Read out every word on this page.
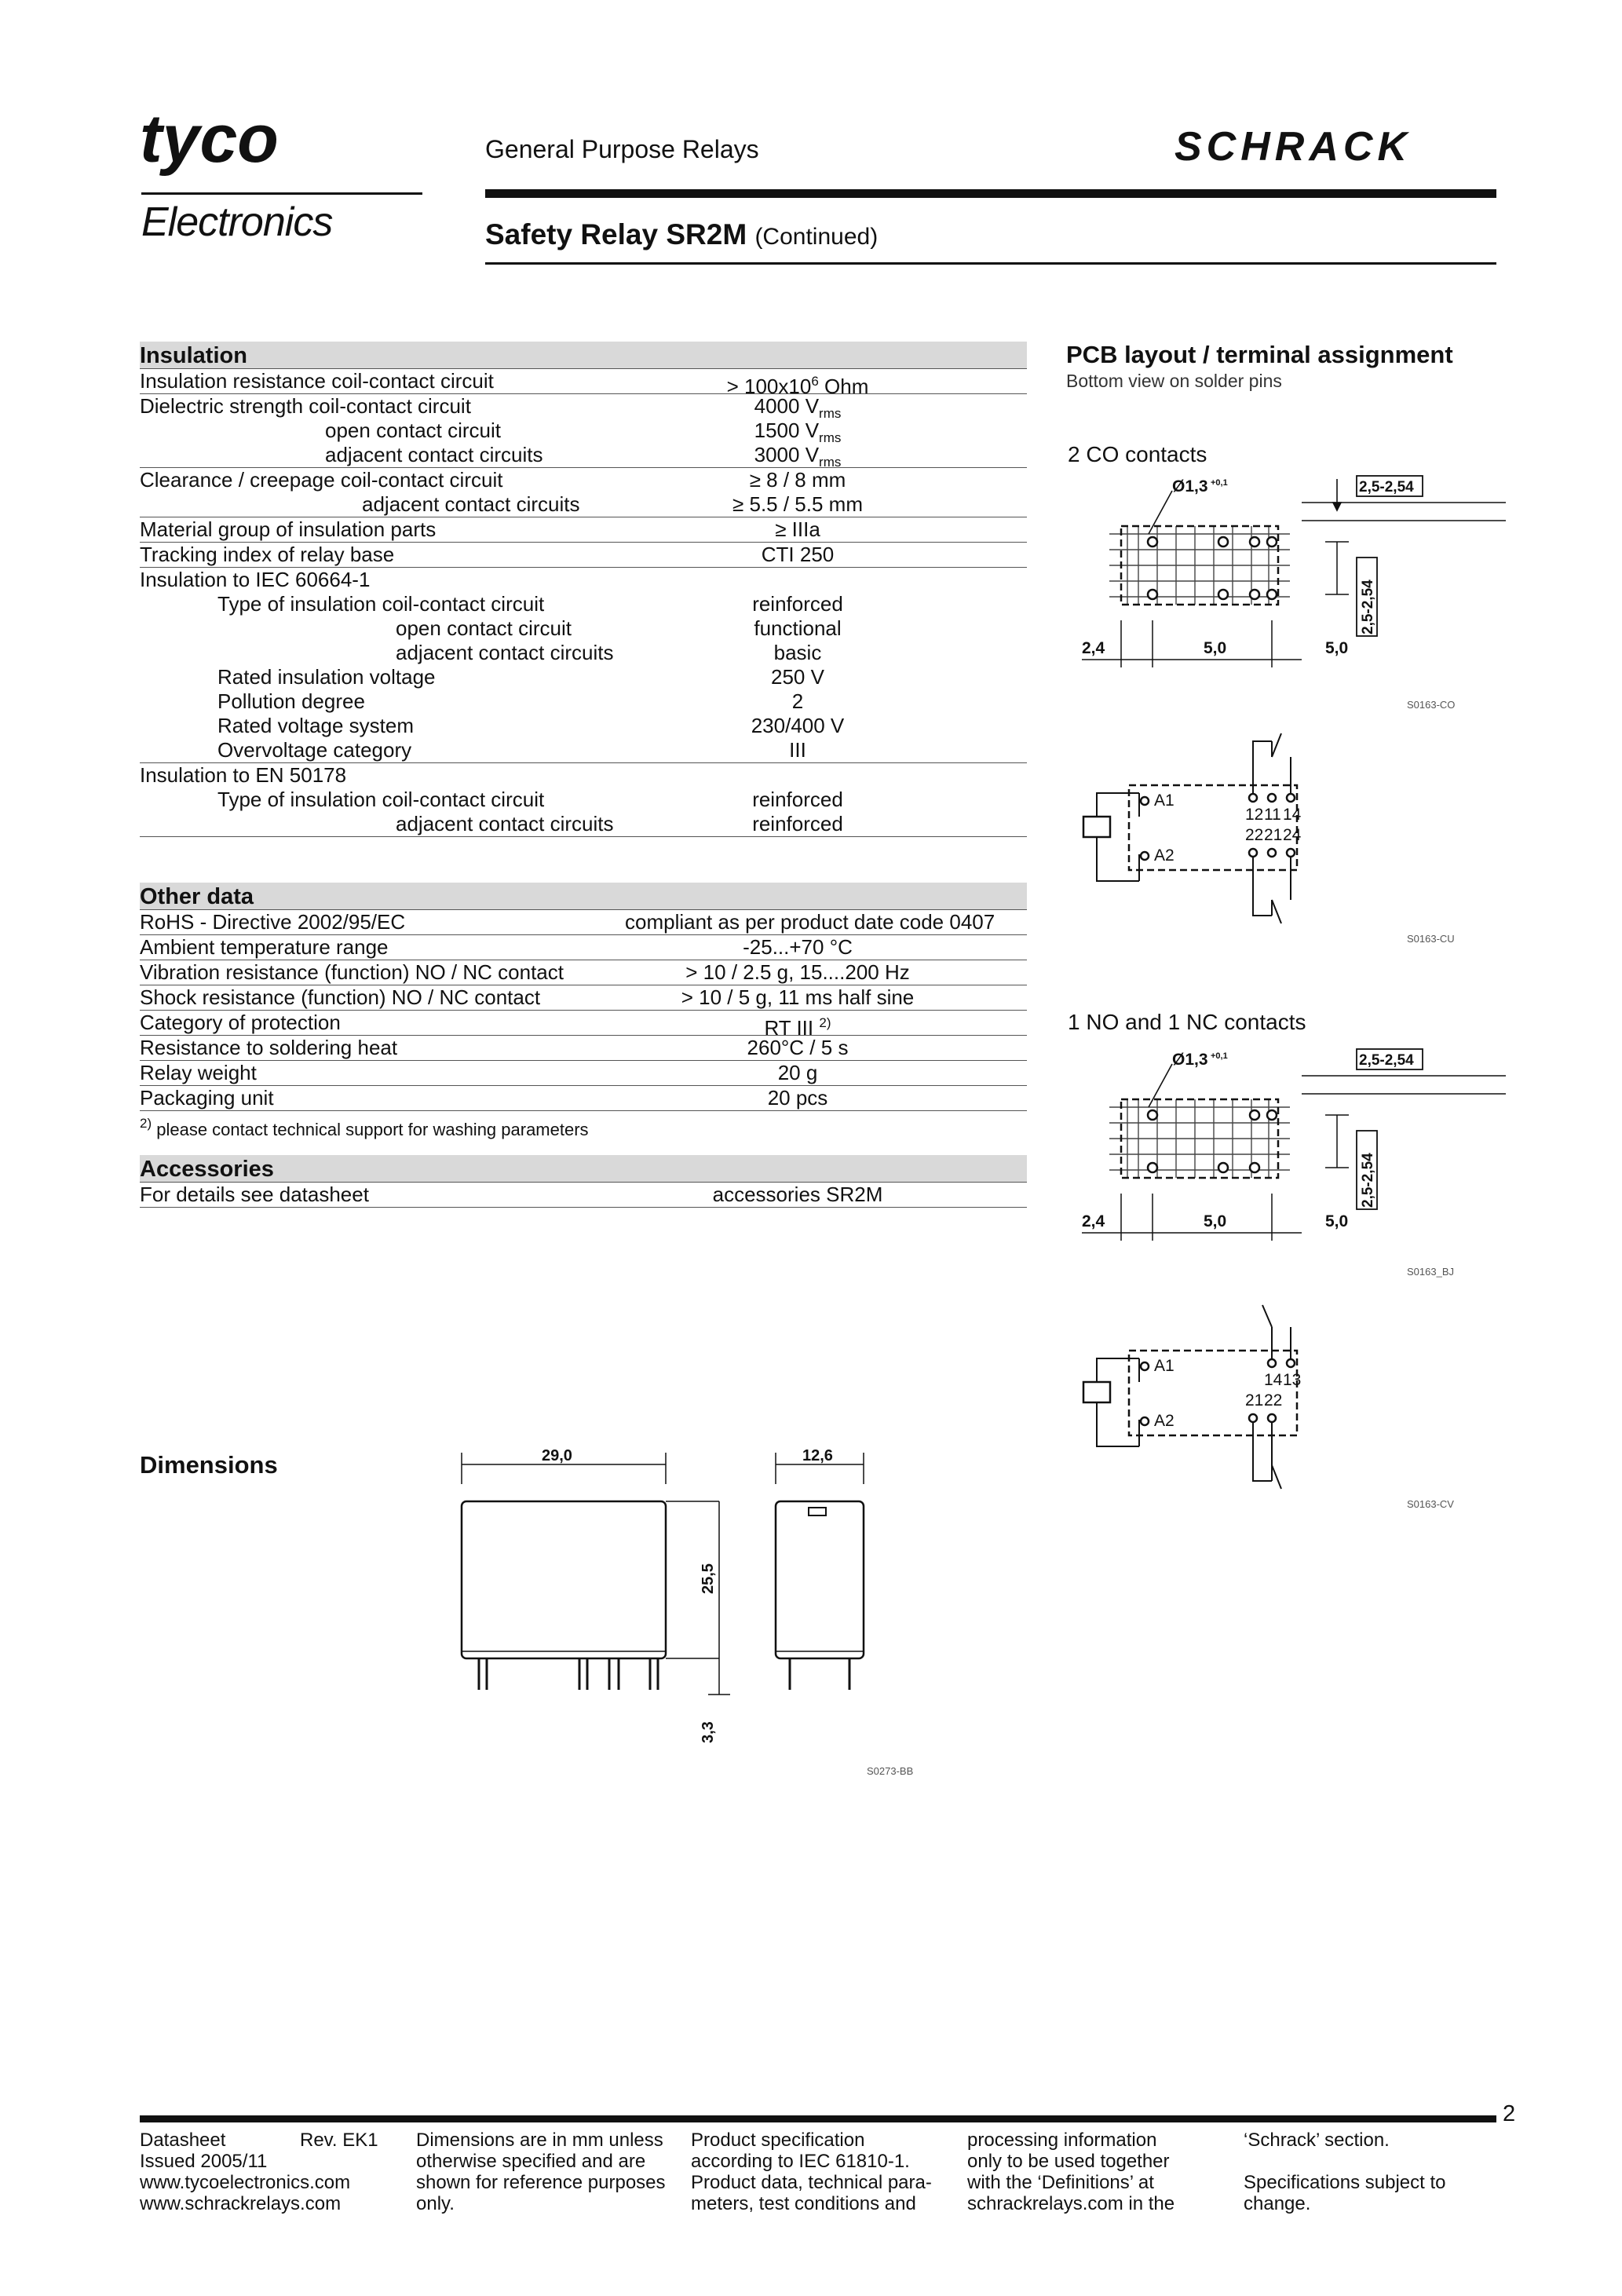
tyco
Electronics
General Purpose Relays	SCHRACK
Safety Relay SR2M (Continued)
Insulation
Insulation resistance coil-contact circuit	> $100x10^6$ Ohm
Dielectric strength coil-contact circuit	4000 $V_{rms}$
open contact circuit	1500 $V_{rms}$
adjacent contact circuits	3000 $V_{rms}$
Clearance / creepage coil-contact circuit	≥ 8 / 8 mm
adjacent contact circuits	≥ 5.5 / 5.5 mm
Material group of insulation parts	≥ IIIa
Tracking index of relay base	CTI 250
Insulation to IEC 60664-1
Type of insulation coil-contact circuit	reinforced
open contact circuit	functional
adjacent contact circuits	basic
Rated insulation voltage	250 V
Pollution degree	2
Rated voltage system	230/400 V
Overvoltage category	III
Insulation to EN 50178
Type of insulation coil-contact circuit	reinforced
adjacent contact circuits	reinforced
Other data
RoHS - Directive 2002/95/EC	compliant as per product date code 0407
Ambient temperature range	-25...+70 °C
Vibration resistance (function) NO / NC contact	> 10 / 2.5 g, 15....200 Hz
Shock resistance (function) NO / NC contact	> 10 / 5 g, 11 ms half sine
Category of protection	RT III $^{2)}$
Resistance to soldering heat	260°C / 5 s
Relay weight	20 g
Packaging unit	20 pcs
$^{2)}$ please contact technical support for washing parameters
Accessories
For details see datasheet	accessories SR2M
PCB layout / terminal assignment
Bottom view on solder pins
2 CO contacts
Ø1,3 +0,1	2,5-2,54
2,5-2,54
2,4	5,0	5,0
S0163-CO
A1
A2
12 11 14
22 21 24
S0163-CU
1 NO and 1 NC contacts
Ø1,3 +0,1	2,5-2,54
2,5-2,54
2,4	5,0	5,0
S0163_BJ
A1
A2
14 13
21 22
S0163-CV
Dimensions	29,0
25,5
3,3
12,6
S0273-BB
2
Datasheet
Issued 2005/11
www.tycoelectronics.com
www.schrackrelays.com
Rev. EK1 Dimensions are in mm unless
otherwise specified and are
shown for reference purposes
only.
Product specification
according to IEC 61810-1.
Product data, technical para-
meters, test conditions and
processing information
only to be used together
with the ‘Definitions’ at
schrackrelays.com in the
‘Schrack’ section.

Specifications subject to
change.
